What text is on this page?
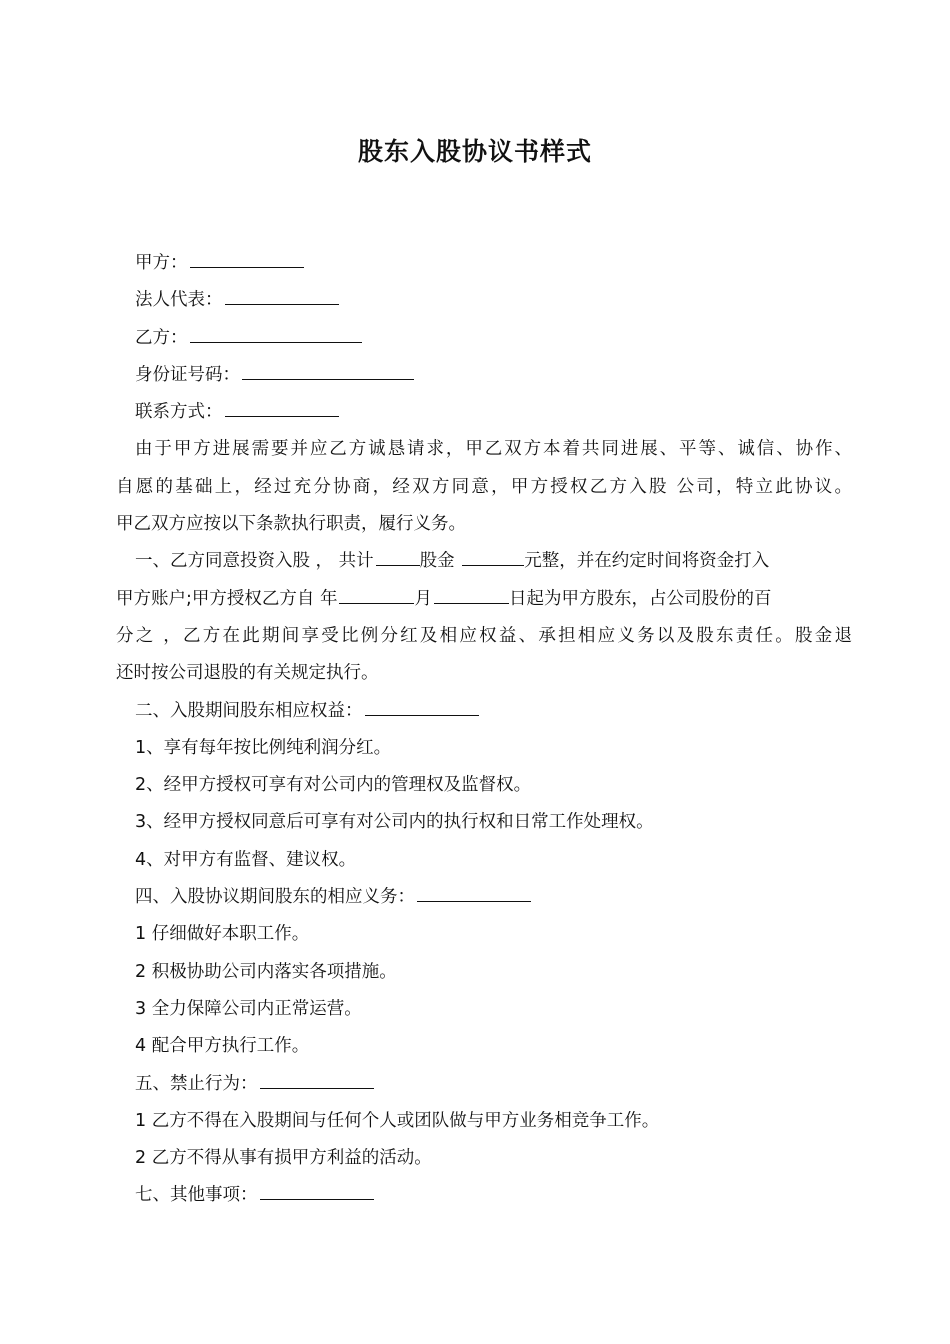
股东入股协议书样式
甲方：
法人代表：
乙方：
身份证号码：
联系方式：
由于甲方进展需要并应乙方诚恳请求，甲乙双方本着共同进展、平等、诚信、协作、
自愿的基础上，经过充分协商，经双方同意，甲方授权乙方入股 公司，特立此协议。
甲乙双方应按以下条款执行职责，履行义务。
一、乙方同意投资入股 ， 共计	股金	元整，并在约定时间将资金打入
甲方账户;甲方授权乙方自 年	月	日起为甲方股东，占公司股份的百
分之 ，乙方在此期间享受比例分红及相应权益、承担相应义务以及股东责任。股金退
还时按公司退股的有关规定执行。
二、入股期间股东相应权益：
1、享有每年按比例纯利润分红。
2、经甲方授权可享有对公司内的管理权及监督权。
3、经甲方授权同意后可享有对公司内的执行权和日常工作处理权。
4、对甲方有监督、建议权。
四、入股协议期间股东的相应义务：
1 仔细做好本职工作。
2 积极协助公司内落实各项措施。
3 全力保障公司内正常运营。
4 配合甲方执行工作。
五、禁止行为：
1 乙方不得在入股期间与任何个人或团队做与甲方业务相竞争工作。
2 乙方不得从事有损甲方利益的活动。
七、其他事项：
